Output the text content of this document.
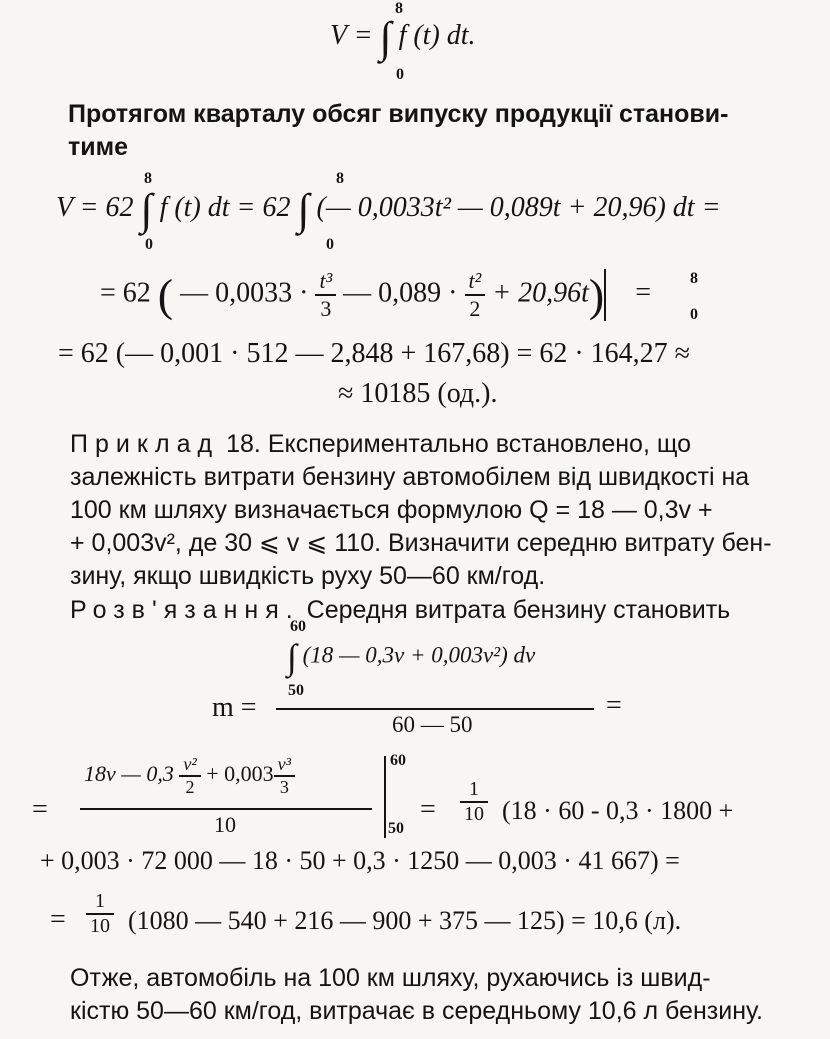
V = ∫ f (t) dt.
8
0
Протягом кварталу обсяг випуску продукції станови-
тиме
V = 62 ∫ f (t) dt = 62 ∫ (— 0,0033t² — 0,089t + 20,96) dt =
8
0
8
0
= 62 ( — $0,0033 \cdot \frac{\text{t³}}{3}$ — $0,089 \cdot \frac{\text{t²}}{2} + 20,96t) = 8$
0
= 62 (— 0,001 · 512 — 2,848 + 167,68) = 62 · 164,27 ≈
≈ 10185 (од.).
Приклад 18. Експериментально встановлено, що
залежність витрати бензину автомобілем від швидкості на
100 км шляху визначається формулою Q = 18 — 0,3v +
+ 0,003v², де 30 ⩽ v ⩽ 110. Визначити середню витрату бен-
зину, якщо швидкість руху 50—60 км/год.
Розв'язання. Середня витрата бензину становить
m =
60
∫ (18 — 0,3v + 0,003v²) dv
50
60 — 50
=
=
18v — $0,3 \frac{\text{v²}}{2} + 0,003 \frac{\text{v³}}{3}$
10
60
50
= $\frac{1}{10} (18 \cdot 60 - 0,3 \cdot 1800$ +
+ 0,003 · 72 000 — 18 · 50 + 0,3 · 1250 — 0,003 · 41 667) =
= $\frac{1}{10} (1080$ — 540 + 216 — 900 + 375 — 125) = 10,6 (л).
Отже, автомобіль на 100 км шляху, рухаючись із швид-
кістю 50—60 км/год, витрачає в середньому 10,6 л бензину.
